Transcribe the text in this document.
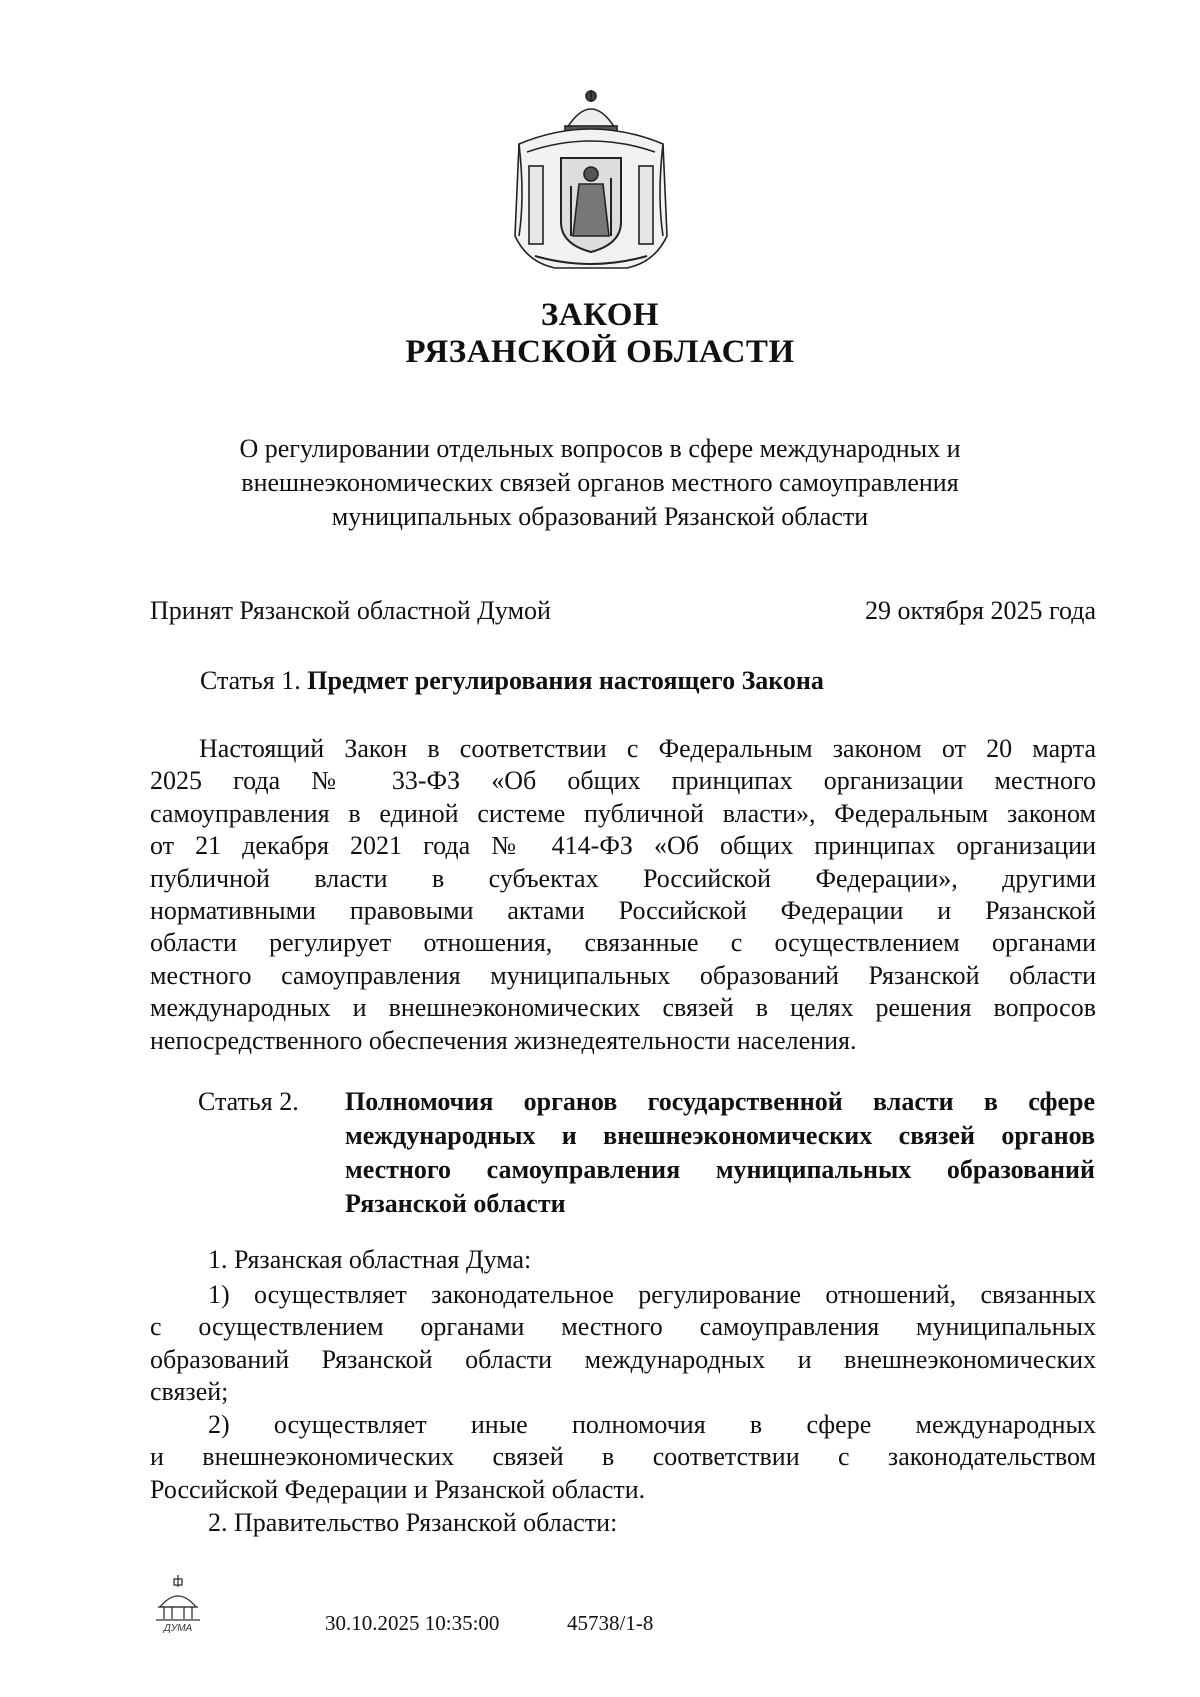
ЗАКОН
РЯЗАНСКОЙ ОБЛАСТИ
О регулировании отдельных вопросов в сфере международных и
внешнеэкономических связей органов местного самоуправления
муниципальных образований Рязанской области
Принят Рязанской областной Думой	29 октября 2025 года
Статья 1. Предмет регулирования настоящего Закона
Настоящий Закон в соответствии с Федеральным законом от 20 марта
2025 года № 33-ФЗ «Об общих принципах организации местного
самоуправления в единой системе публичной власти», Федеральным законом
от 21 декабря 2021 года № 414-ФЗ «Об общих принципах организации
публичной власти в субъектах Российской Федерации», другими
нормативными правовыми актами Российской Федерации и Рязанской
области регулирует отношения, связанные с осуществлением органами
местного самоуправления муниципальных образований Рязанской области
международных и внешнеэкономических связей в целях решения вопросов
непосредственного обеспечения жизнедеятельности населения.
Статья 2. Полномочия органов государственной власти в сфере
международных и внешнеэкономических связей органов
местного самоуправления муниципальных образований
Рязанской области
1. Рязанская областная Дума:
1) осуществляет законодательное регулирование отношений, связанных
с осуществлением органами местного самоуправления муниципальных
образований Рязанской области международных и внешнеэкономических
связей;
2) осуществляет иные полномочия в сфере международных
и внешнеэкономических связей в соответствии с законодательством
Российской Федерации и Рязанской области.
2. Правительство Рязанской области:
ДУМА	30.10.2025 10:35:00	45738/1-8
